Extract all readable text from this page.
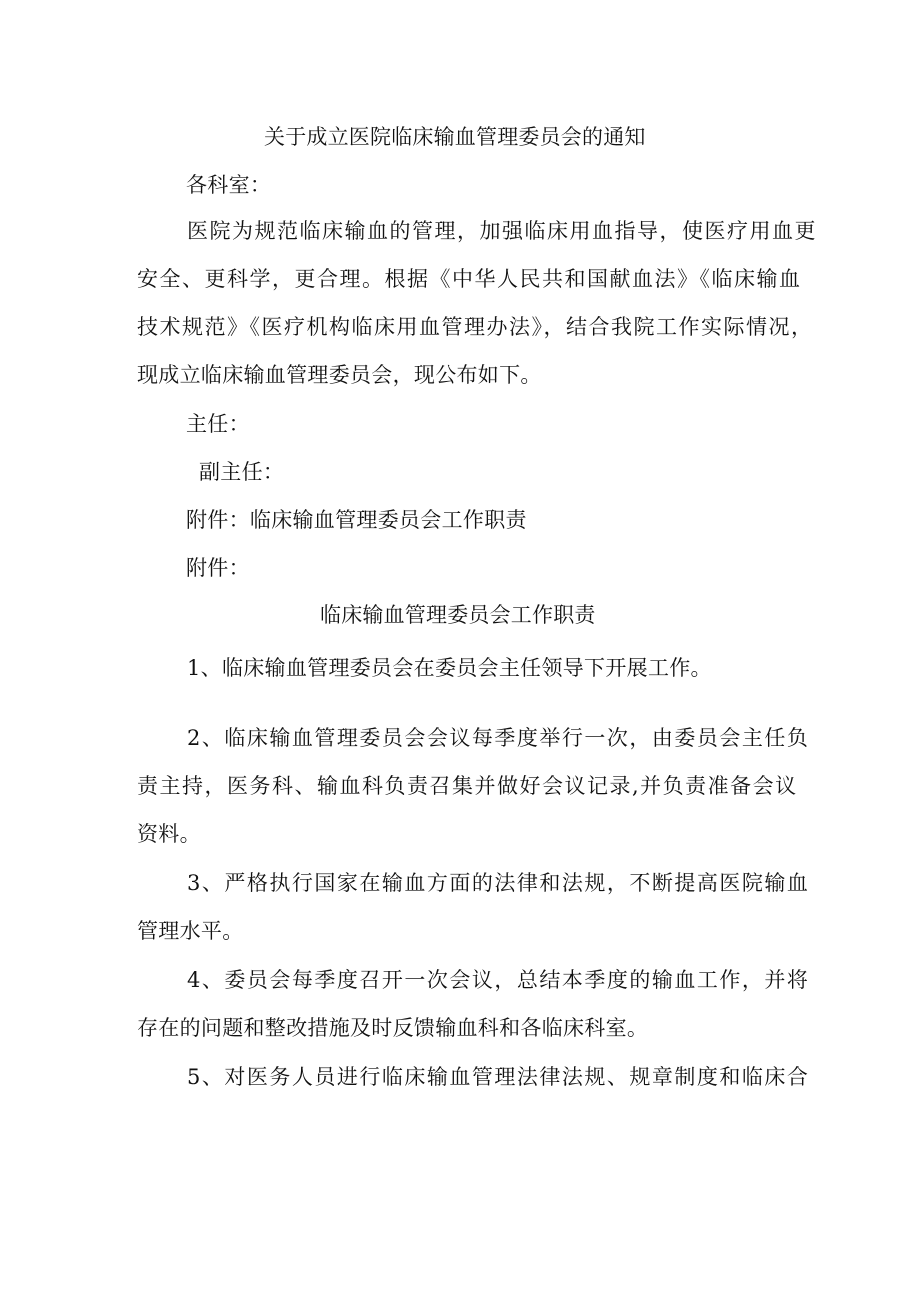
关于成立医院临床输血管理委员会的通知

各科室：

医院为规范临床输血的管理，加强临床用血指导，使医疗用血更

安全、更科学，更合理。根据《中华人民共和国献血法》《临床输血

技术规范》《医疗机构临床用血管理办法》，结合我院工作实际情况，

现成立临床输血管理委员会，现公布如下。

主任：

副主任：

附件：临床输血管理委员会工作职责

附件：

临床输血管理委员会工作职责

1、临床输血管理委员会在委员会主任领导下开展工作。

2、临床输血管理委员会会议每季度举行一次，由委员会主任负

责主持，医务科、输血科负责召集并做好会议记录,并负责准备会议

资料。

3、严格执行国家在输血方面的法律和法规，不断提高医院输血

管理水平。

4、委员会每季度召开一次会议，总结本季度的输血工作，并将

存在的问题和整改措施及时反馈输血科和各临床科室。

5、对医务人员进行临床输血管理法律法规、规章制度和临床合
